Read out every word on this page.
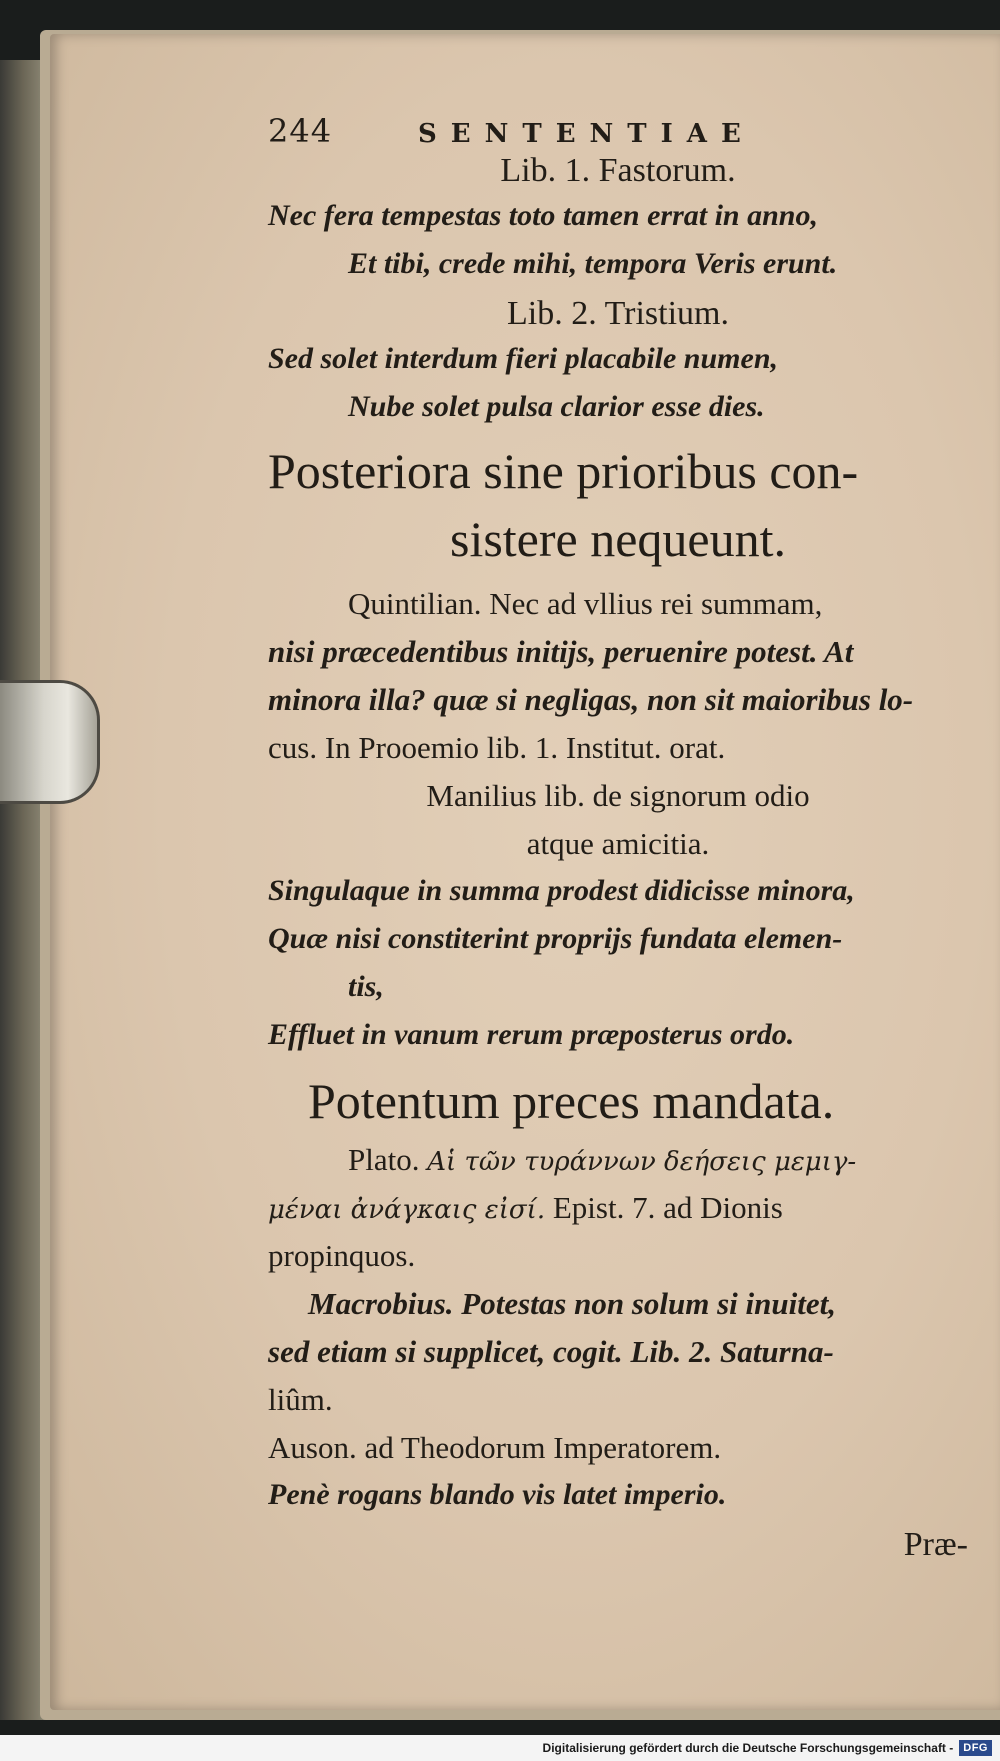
244	SENTENTIAE
Lib. 1. Fastorum.
Nec fera tempestas toto tamen errat in anno,
Et tibi, crede mihi, tempora Veris erunt.
Lib. 2. Tristium.
Sed solet interdum fieri placabile numen,
Nube solet pulsa clarior esse dies.
Posteriora sine prioribus con-
sistere nequeunt.
Quintilian. Nec ad vllius rei summam,
nisi præcedentibus initijs, peruenire potest. At
minora illa? quæ si negligas, non sit maioribus lo-
cus. In Prooemio lib. 1. Institut. orat.
Manilius lib. de signorum odio
atque amicitia.
Singulaque in summa prodest didicisse minora,
Quæ nisi constiterint proprijs fundata elemen-
tis,
Effluet in vanum rerum præposterus ordo.
Potentum preces mandata.
Plato. Αἱ τῶν τυράννων δεήσεις μεμιγ-
μέναι ἀνάγκαις εἰσί. Epist. 7. ad Dionis
propinquos.
Macrobius. Potestas non solum si inuitet,
sed etiam si supplicet, cogit. Lib. 2. Saturna-
liûm.
Auson. ad Theodorum Imperatorem.
Penè rogans blando vis latet imperio.
Præ-
Digitalisierung gefördert durch die Deutsche Forschungsgemeinschaft - DFG
